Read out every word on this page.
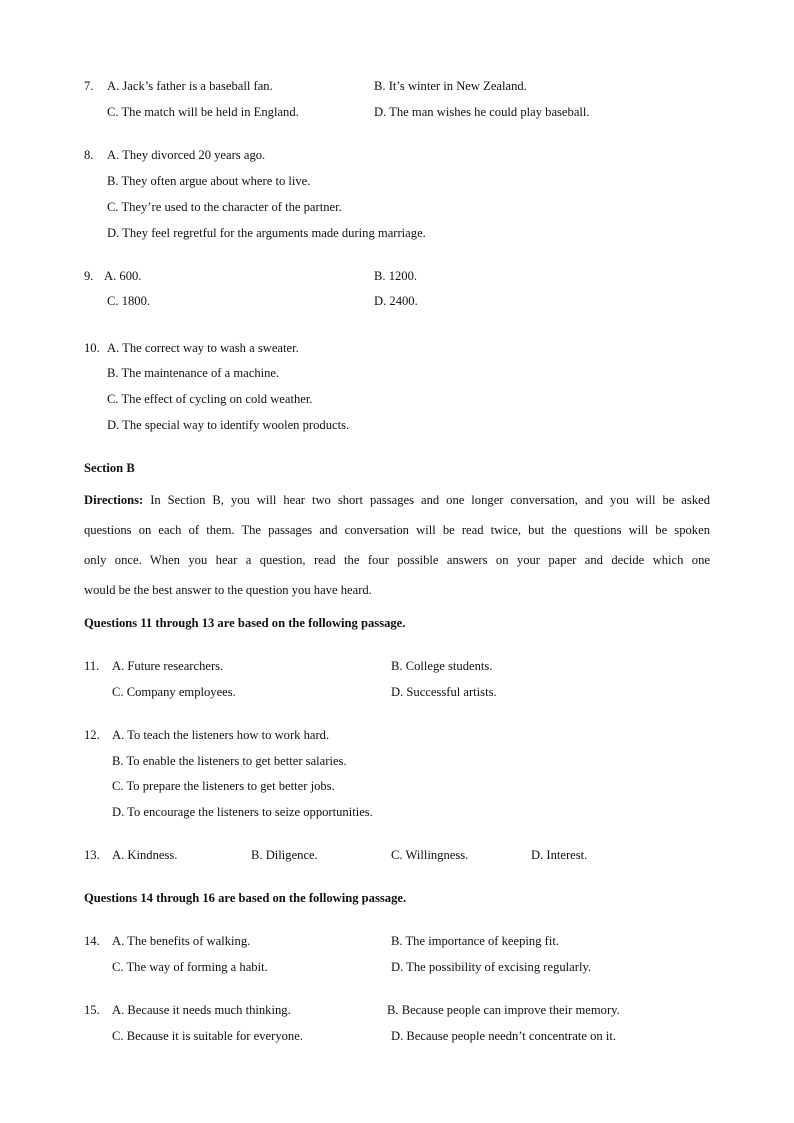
7. A. Jack’s father is a baseball fan.	B. It’s winter in New Zealand.
C. The match will be held in England.	D. The man wishes he could play baseball.
8. A. They divorced 20 years ago.
B. They often argue about where to live.
C. They’re used to the character of the partner.
D. They feel regretful for the arguments made during marriage.
9. A. 600.	B. 1200.
C. 1800.	D. 2400.
10. A. The correct way to wash a sweater.
B. The maintenance of a machine.
C. The effect of cycling on cold weather.
D. The special way to identify woolen products.
Section B
Directions: In Section B, you will hear two short passages and one longer conversation, and you will be asked
questions on each of them. The passages and conversation will be read twice, but the questions will be spoken
only once. When you hear a question, read the four possible answers on your paper and decide which one
would be the best answer to the question you have heard.
Questions 11 through 13 are based on the following passage.
11. A. Future researchers.	B. College students.
C. Company employees.	D. Successful artists.
12. A. To teach the listeners how to work hard.
B. To enable the listeners to get better salaries.
C. To prepare the listeners to get better jobs.
D. To encourage the listeners to seize opportunities.
13. A. Kindness.	B. Diligence.	C. Willingness.	D. Interest.
Questions 14 through 16 are based on the following passage.
14. A. The benefits of walking.	B. The importance of keeping fit.
C. The way of forming a habit.	D. The possibility of excising regularly.
15. A. Because it needs much thinking.	B. Because people can improve their memory.
C. Because it is suitable for everyone.	D. Because people needn’t concentrate on it.
